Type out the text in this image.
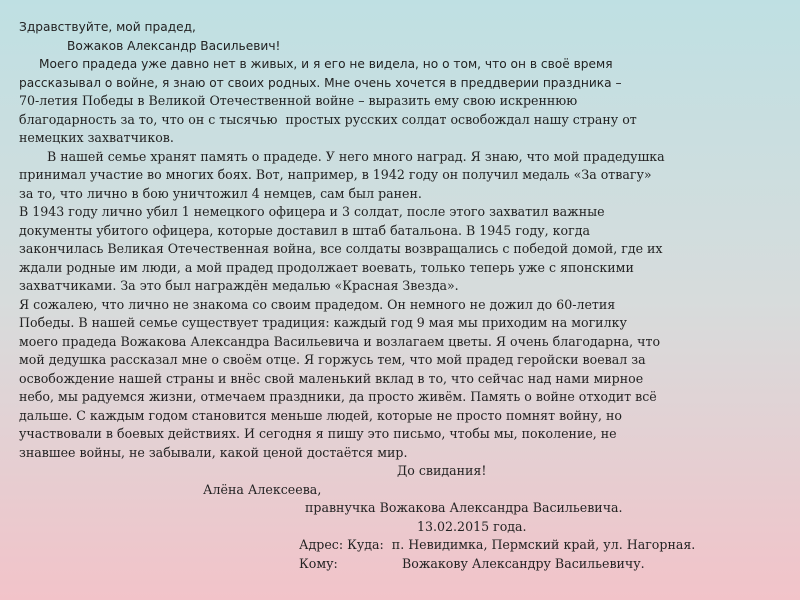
Здравствуйте, мой прадед,
Вожаков Александр Васильевич!
Моего прадеда уже давно нет в живых, и я его не видела, но о том, что он в своё время
рассказывал о войне, я знаю от своих родных. Мне очень хочется в преддверии праздника –
70-летия Победы в Великой Отечественной войне – выразить ему свою искреннюю
благодарность за то, что он с тысячью  простых русских солдат освобождал нашу страну от
немецких захватчиков.
В нашей семье хранят память о прадеде. У него много наград. Я знаю, что мой прадедушка
принимал участие во многих боях. Вот, например, в 1942 году он получил медаль «За отвагу»
за то, что лично в бою уничтожил 4 немцев, сам был ранен.
В 1943 году лично убил 1 немецкого офицера и 3 солдат, после этого захватил важные
документы убитого офицера, которые доставил в штаб батальона. В 1945 году, когда
закончилась Великая Отечественная война, все солдаты возвращались с победой домой, где их
ждали родные им люди, а мой прадед продолжает воевать, только теперь уже с японскими
захватчиками. За это был награждён медалью «Красная Звезда».
Я сожалею, что лично не знакома со своим прадедом. Он немного не дожил до 60-летия
Победы. В нашей семье существует традиция: каждый год 9 мая мы приходим на могилку
моего прадеда Вожакова Александра Васильевича и возлагаем цветы. Я очень благодарна, что
мой дедушка рассказал мне о своём отце. Я горжусь тем, что мой прадед геройски воевал за
освобождение нашей страны и внёс свой маленький вклад в то, что сейчас над нами мирное
небо, мы радуемся жизни, отмечаем праздники, да просто живём. Память о войне отходит всё
дальше. С каждым годом становится меньше людей, которые не просто помнят войну, но
участвовали в боевых действиях. И сегодня я пишу это письмо, чтобы мы, поколение, не
знавшее войны, не забывали, какой ценой достаётся мир.
До свидания!
Алёна Алексеева,
правнучка Вожакова Александра Васильевича.
13.02.2015 года.
Адрес: Куда: п. Невидимка, Пермский край, ул. Нагорная.
Кому:	Вожакову Александру Васильевичу.
